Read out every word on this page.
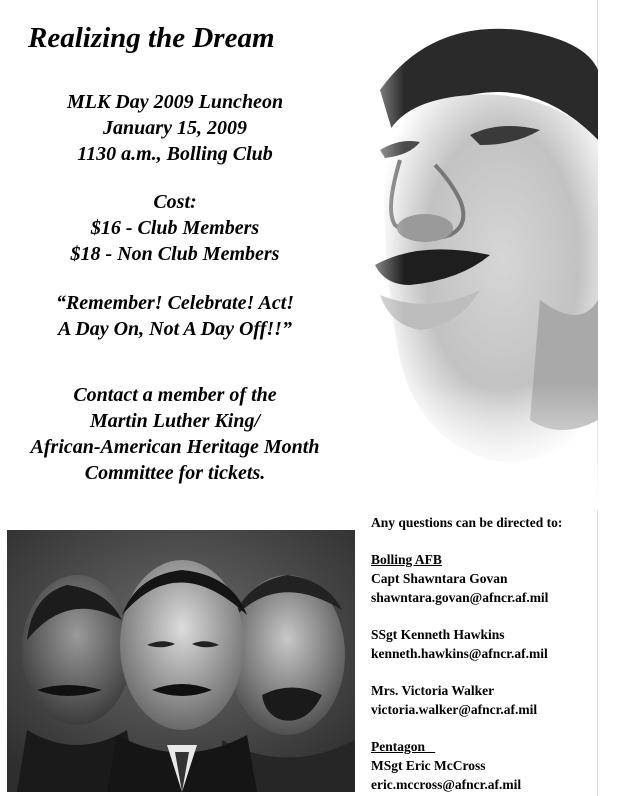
Realizing the Dream
MLK Day 2009 Luncheon
January 15, 2009
1130 a.m., Bolling Club
Cost:
$16 - Club Members
$18 - Non Club Members
“Remember! Celebrate! Act!
A Day On, Not A Day Off!!”
Contact a member of the
Martin Luther King/
African-American Heritage Month
Committee for tickets.
Any questions can be directed to:
Bolling AFB
Capt Shawntara Govan
shawntara.govan@afncr.af.mil
SSgt Kenneth Hawkins
kenneth.hawkins@afncr.af.mil
Mrs. Victoria Walker
victoria.walker@afncr.af.mil
Pentagon
MSgt Eric McCross
eric.mccross@afncr.af.mil
